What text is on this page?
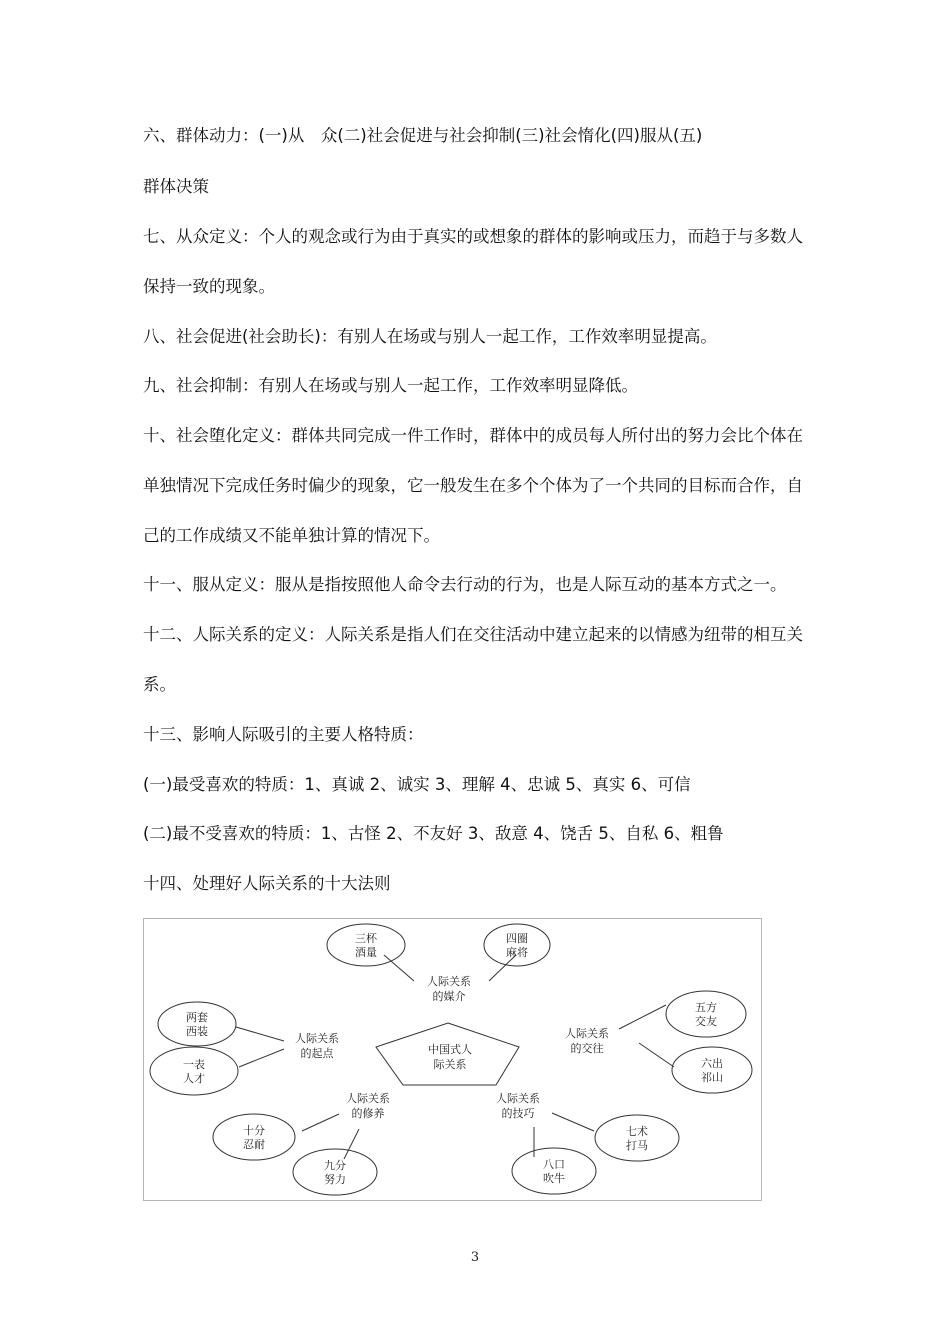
六、群体动力：(一)从　众(二)社会促进与社会抑制(三)社会惰化(四)服从(五)
群体决策
七、从众定义：个人的观念或行为由于真实的或想象的群体的影响或压力，而趋于与多数人
保持一致的现象。
八、社会促进(社会助长)：有别人在场或与别人一起工作，工作效率明显提高。
九、社会抑制：有别人在场或与别人一起工作，工作效率明显降低。
十、社会堕化定义：群体共同完成一件工作时，群体中的成员每人所付出的努力会比个体在
单独情况下完成任务时偏少的现象，它一般发生在多个个体为了一个共同的目标而合作，自
己的工作成绩又不能单独计算的情况下。
十一、服从定义：服从是指按照他人命令去行动的行为，也是人际互动的基本方式之一。
十二、人际关系的定义：人际关系是指人们在交往活动中建立起来的以情感为纽带的相互关
系。
十三、影响人际吸引的主要人格特质：
(一)最受喜欢的特质：1、真诚 2、诚实 3、理解 4、忠诚 5、真实 6、可信
(二)最不受喜欢的特质：1、古怪 2、不友好 3、敌意 4、饶舌 5、自私 6、粗鲁
十四、处理好人际关系的十大法则
中国式人
际关系
人际关系
的媒介
人际关系
的起点
人际关系
的交往
人际关系
的修养
人际关系
的技巧
三杯
酒量
四圈
麻将
两套
西装
一表
人才
五方
交友
六出
祁山
十分
忍耐
九分
努力
八口
吹牛
七术
打马
3
